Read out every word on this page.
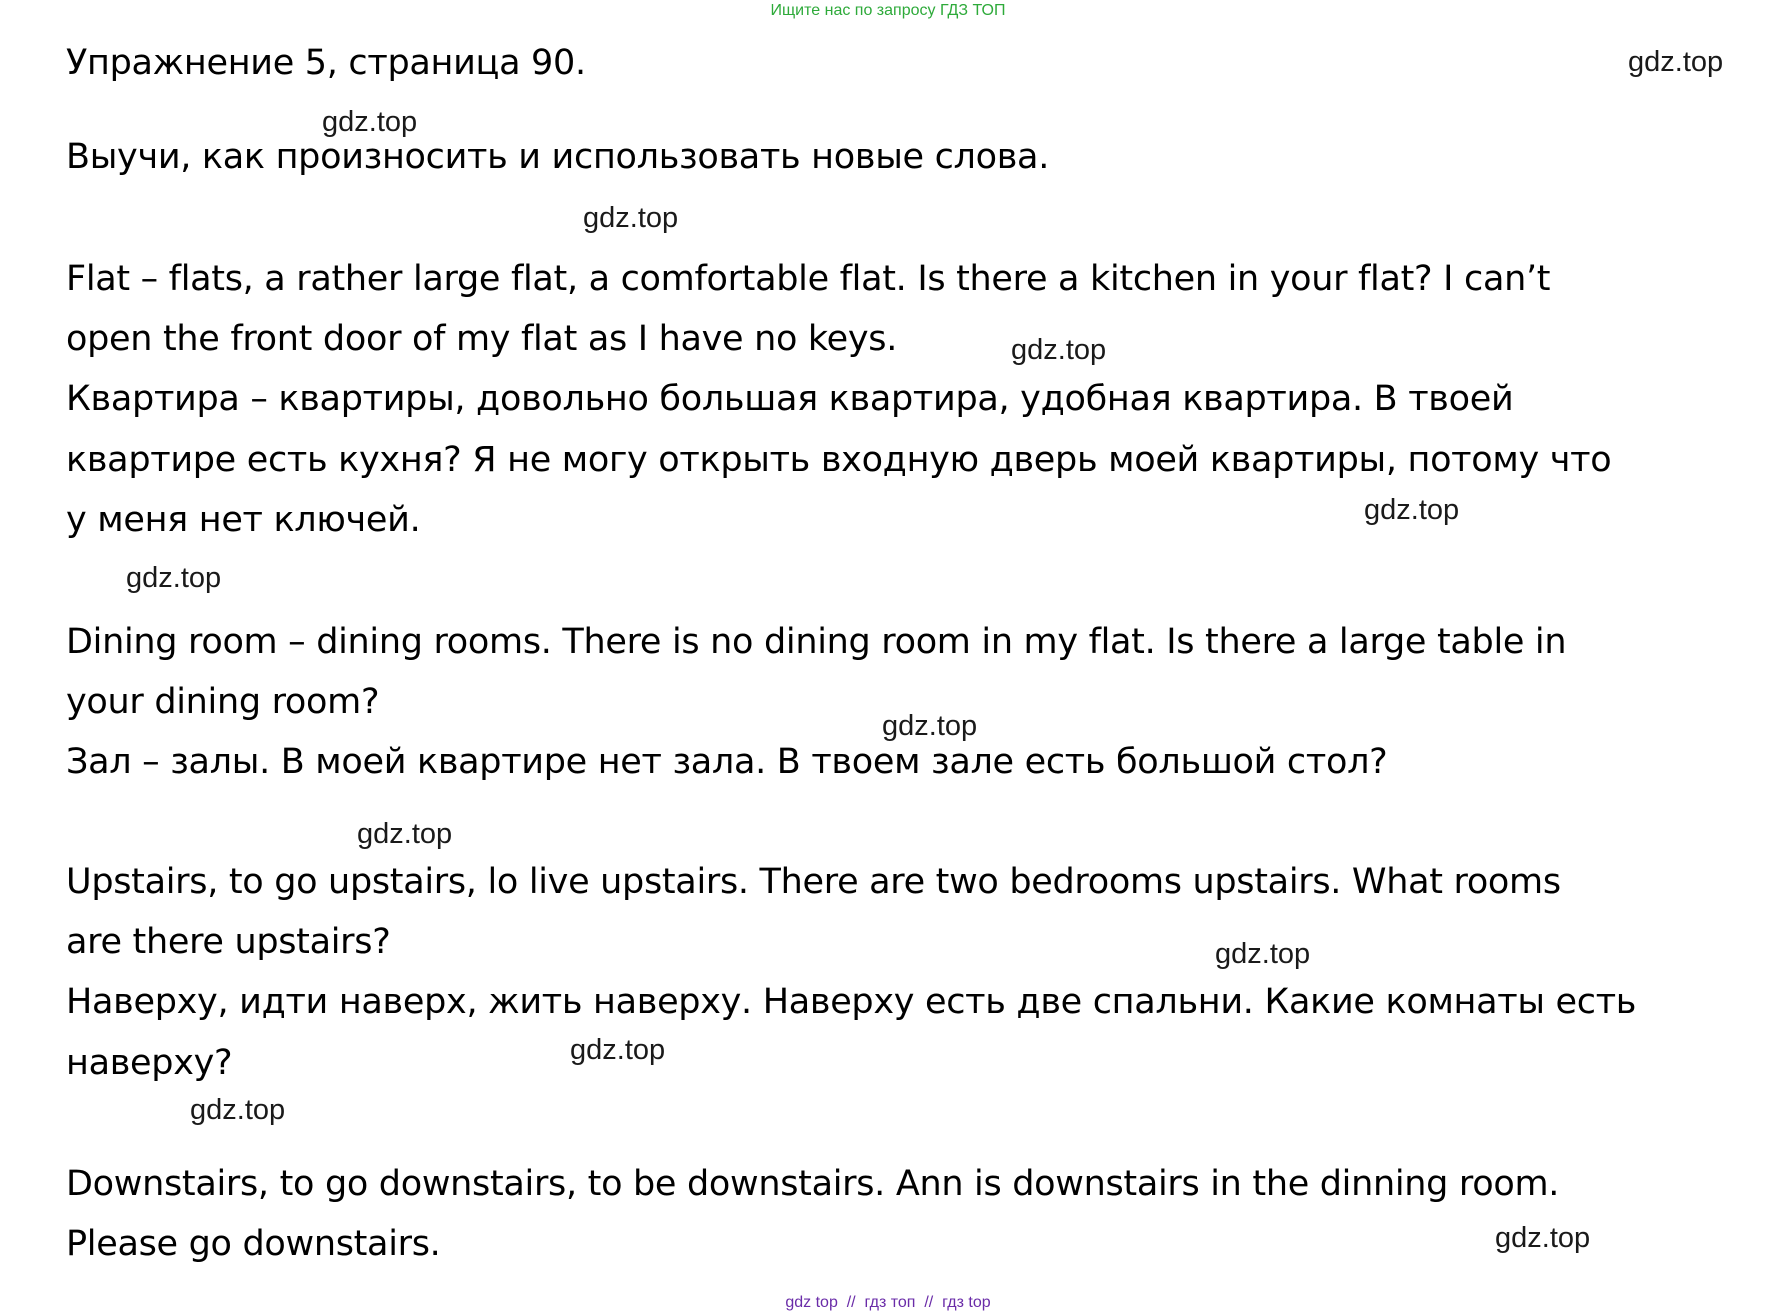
Ищите нас по запросу ГДЗ ТОП
Упражнение 5, страница 90.
Выучи, как произносить и использовать новые слова.
Flat – flats, a rather large flat, a comfortable flat. Is there a kitchen in your flat? I can’t
open the front door of my flat as I have no keys.
Квартира – квартиры, довольно большая квартира, удобная квартира. В твоей
квартире есть кухня? Я не могу открыть входную дверь моей квартиры, потому что
у меня нет ключей.
Dining room – dining rooms. There is no dining room in my flat. Is there a large table in
your dining room?
Зал – залы. В моей квартире нет зала. В твоем зале есть большой стол?
Upstairs, to go upstairs, lo live upstairs. There are two bedrooms upstairs. What rooms
are there upstairs?
Наверху, идти наверх, жить наверху. Наверху есть две спальни. Какие комнаты есть
наверху?
Downstairs, to go downstairs, to be downstairs. Ann is downstairs in the dinning room.
Please go downstairs.
gdz.top
gdz.top
gdz.top
gdz.top
gdz.top
gdz.top
gdz.top
gdz.top
gdz.top
gdz.top
gdz.top
gdz.top
gdz top  //  гдз топ  //  гдз top
